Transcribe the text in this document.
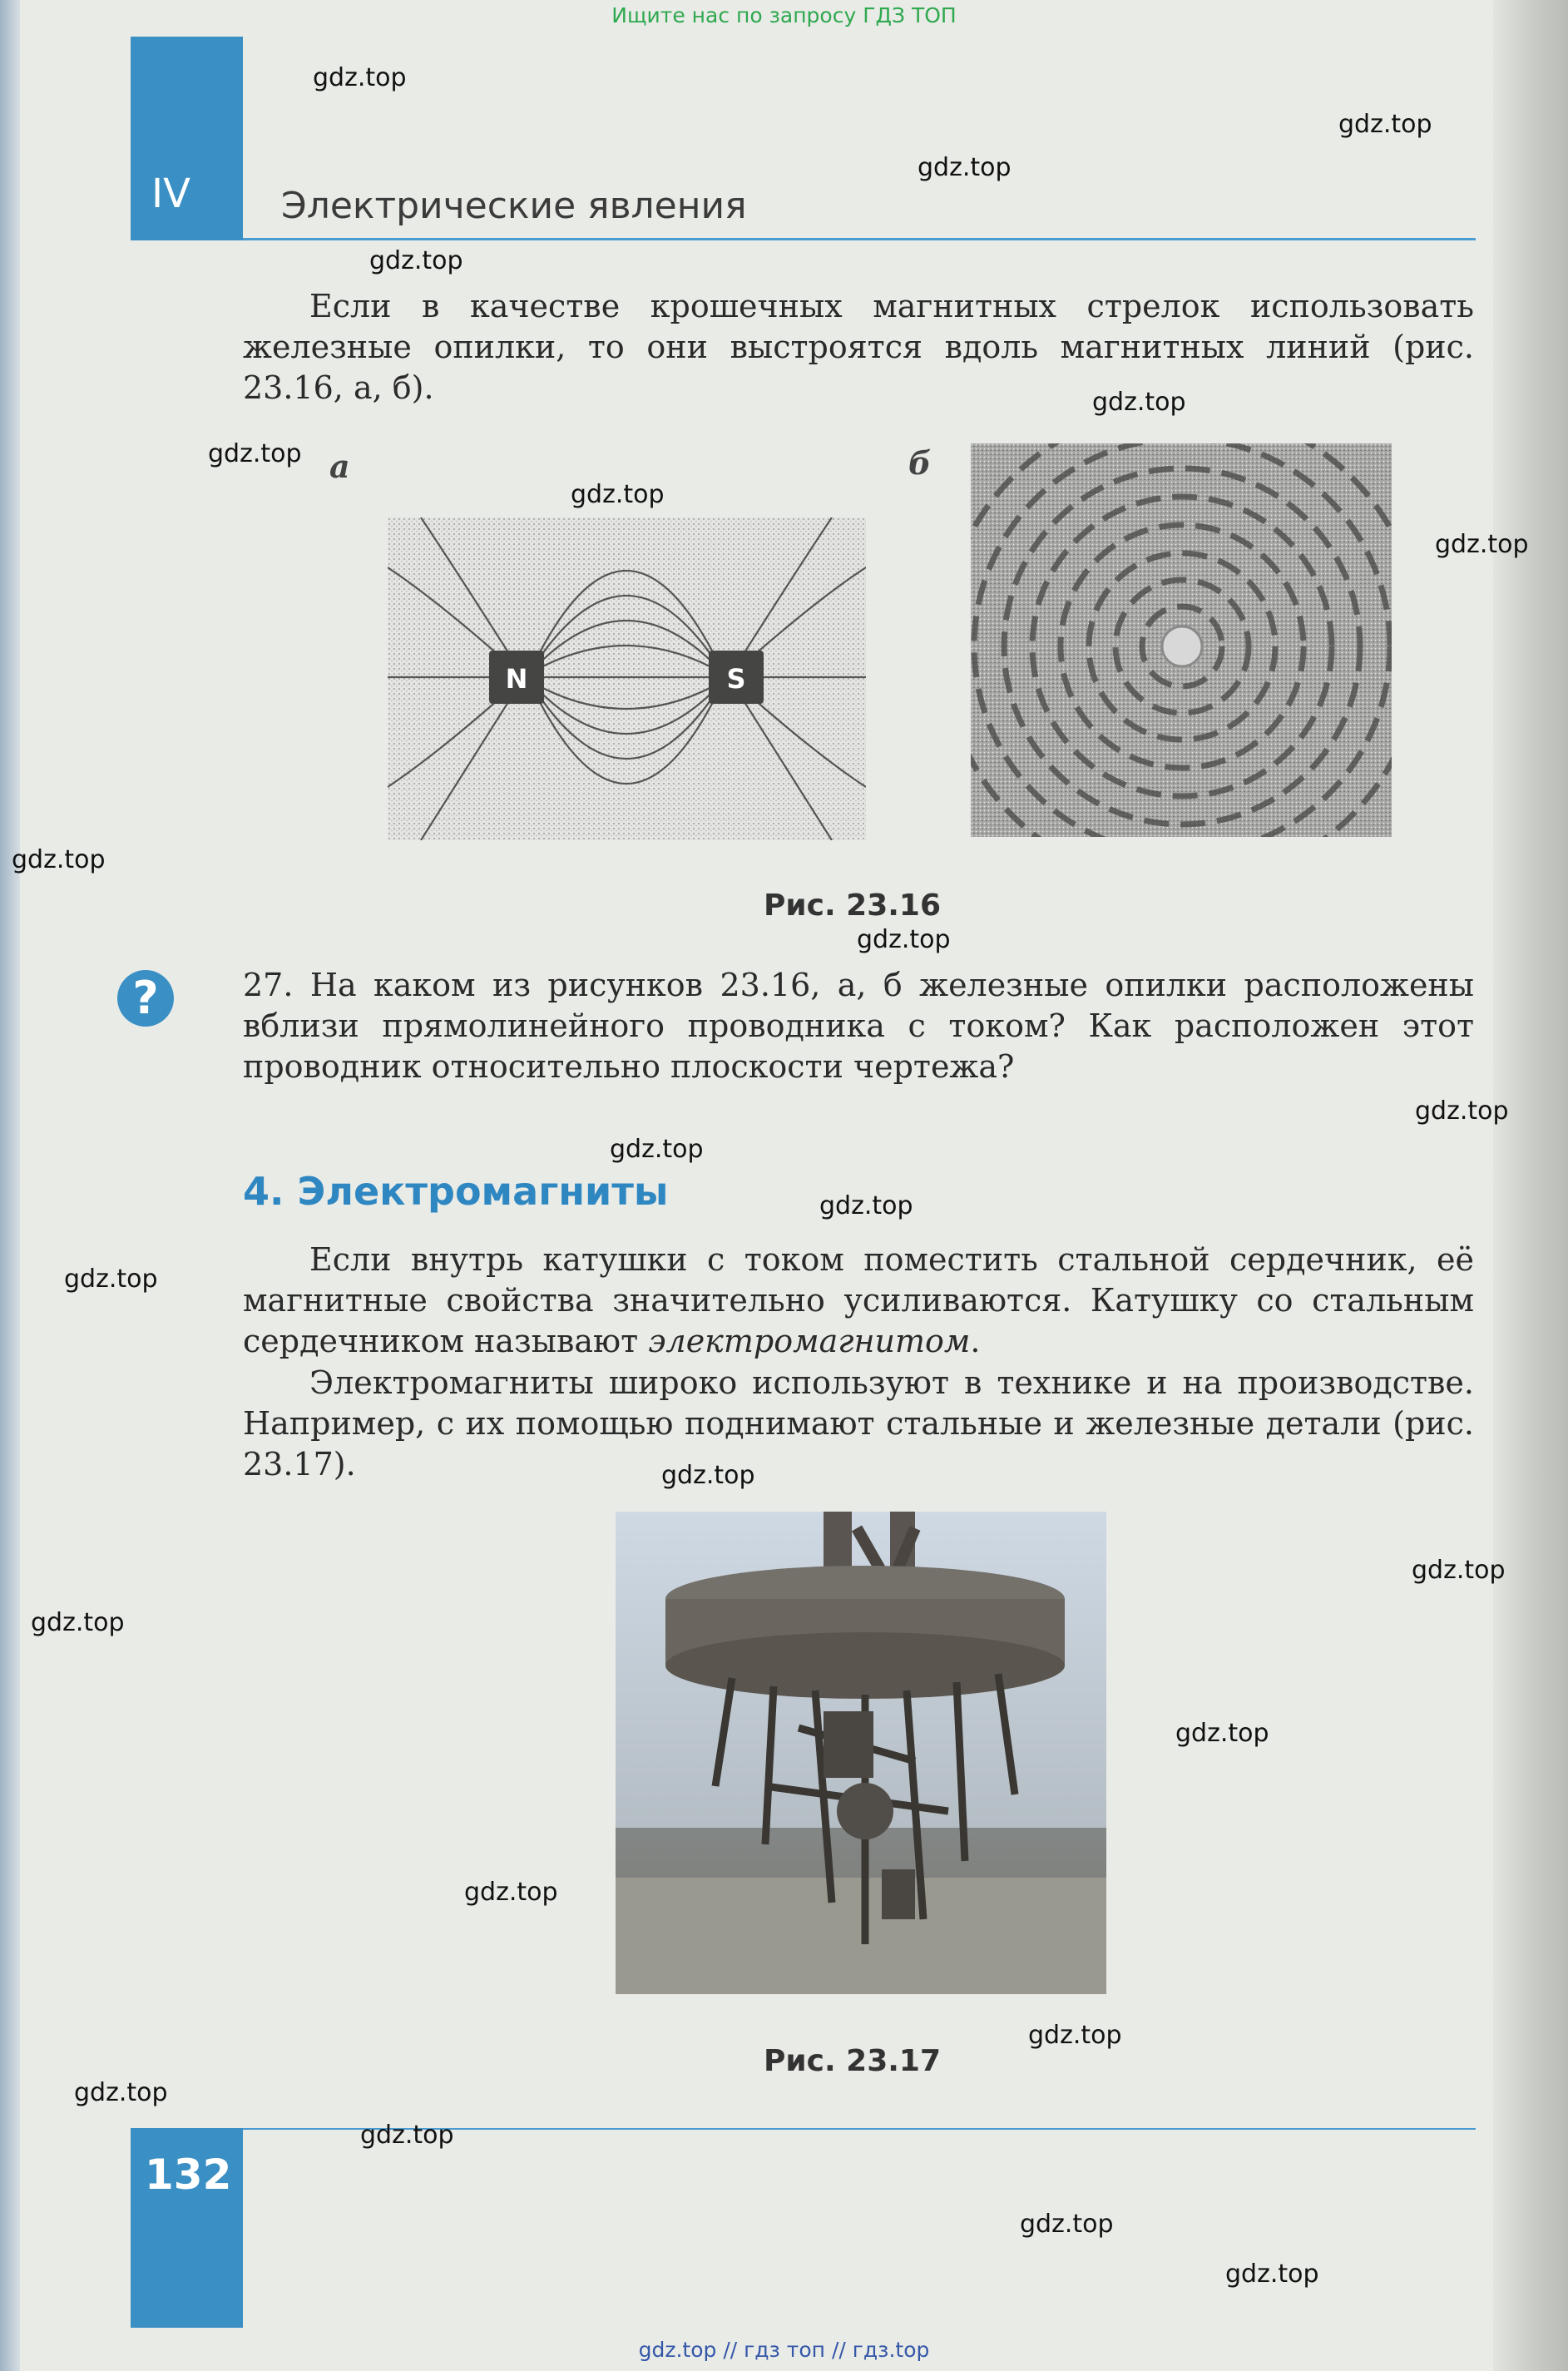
Ищите нас по запросу ГДЗ ТОП
IV Электрические явления

Если в качестве крошечных магнитных стрелок использовать железные опилки, то они выстроятся вдоль магнитных линий (рис. 23.16, а, б).

а	б
N	S
Рис. 23.16
?	27. На каком из рисунков 23.16, а, б железные опилки расположены вблизи прямолинейного проводника с током? Как расположен этот проводник относительно плоскости чертежа?

4. Электромагниты

Если внутрь катушки с током поместить стальной сердечник, её магнитные свойства значительно усиливаются. Катушку со стальным сердечником называют электромагнитом.

Электромагниты широко используют в технике и на производстве. Например, с их помощью поднимают стальные и железные детали (рис. 23.17).

Рис. 23.17
132
gdz.top // гдз топ // гдз.top
gdz.top
gdz.top
gdz.top
gdz.top
gdz.top
gdz.top
gdz.top
gdz.top
gdz.top
gdz.top
gdz.top
gdz.top
gdz.top
gdz.top
gdz.top
gdz.top
gdz.top
gdz.top
gdz.top
gdz.top
gdz.top
gdz.top
gdz.top
gdz.top
